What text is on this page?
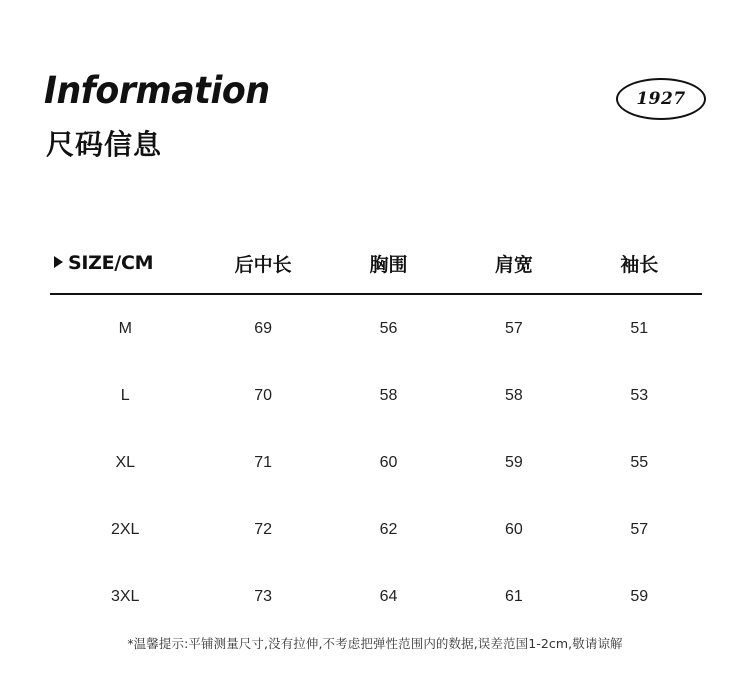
Information
尺码信息
1927
SIZE/CM	后中长	胸围	肩宽	袖长
M	69	56	57	51
L	70	58	58	53
XL	71	60	59	55
2XL	72	62	60	57
3XL	73	64	61	59
*温馨提示:平铺测量尺寸,没有拉伸,不考虑把弹性范围内的数据,误差范国1-2cm,敬请谅解
